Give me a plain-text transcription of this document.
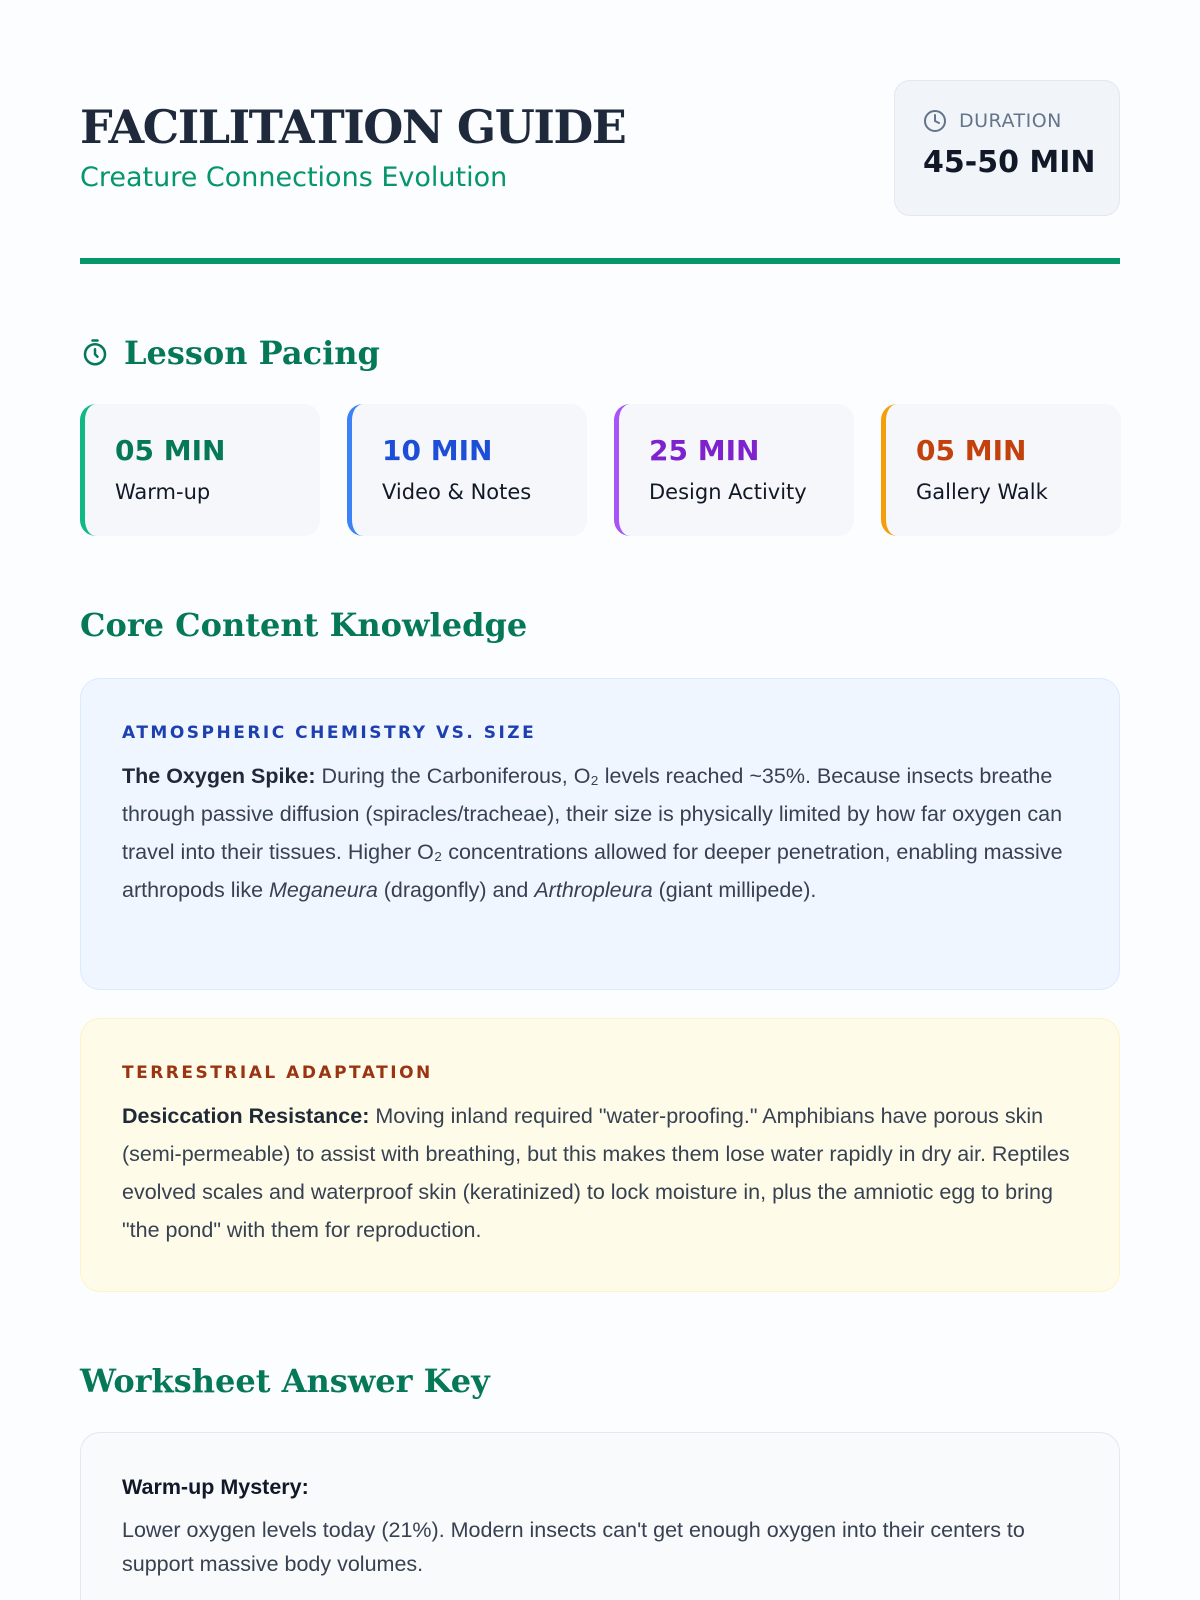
FACILITATION GUIDE
Creature Connections Evolution
DURATION
45-50 MIN
Lesson Pacing
05 MIN
Warm-up
10 MIN
Video & Notes
25 MIN
Design Activity
05 MIN
Gallery Walk
Core Content Knowledge
ATMOSPHERIC CHEMISTRY VS. SIZE
The Oxygen Spike: During the Carboniferous, O₂ levels reached ~35%. Because insects breathe through passive diffusion (spiracles/tracheae), their size is physically limited by how far oxygen can travel into their tissues. Higher O₂ concentrations allowed for deeper penetration, enabling massive arthropods like Meganeura (dragonfly) and Arthropleura (giant millipede).
TERRESTRIAL ADAPTATION
Desiccation Resistance: Moving inland required "water-proofing." Amphibians have porous skin (semi-permeable) to assist with breathing, but this makes them lose water rapidly in dry air. Reptiles evolved scales and waterproof skin (keratinized) to lock moisture in, plus the amniotic egg to bring "the pond" with them for reproduction.
Worksheet Answer Key
Warm-up Mystery:
Lower oxygen levels today (21%). Modern insects can't get enough oxygen into their centers to support massive body volumes.
